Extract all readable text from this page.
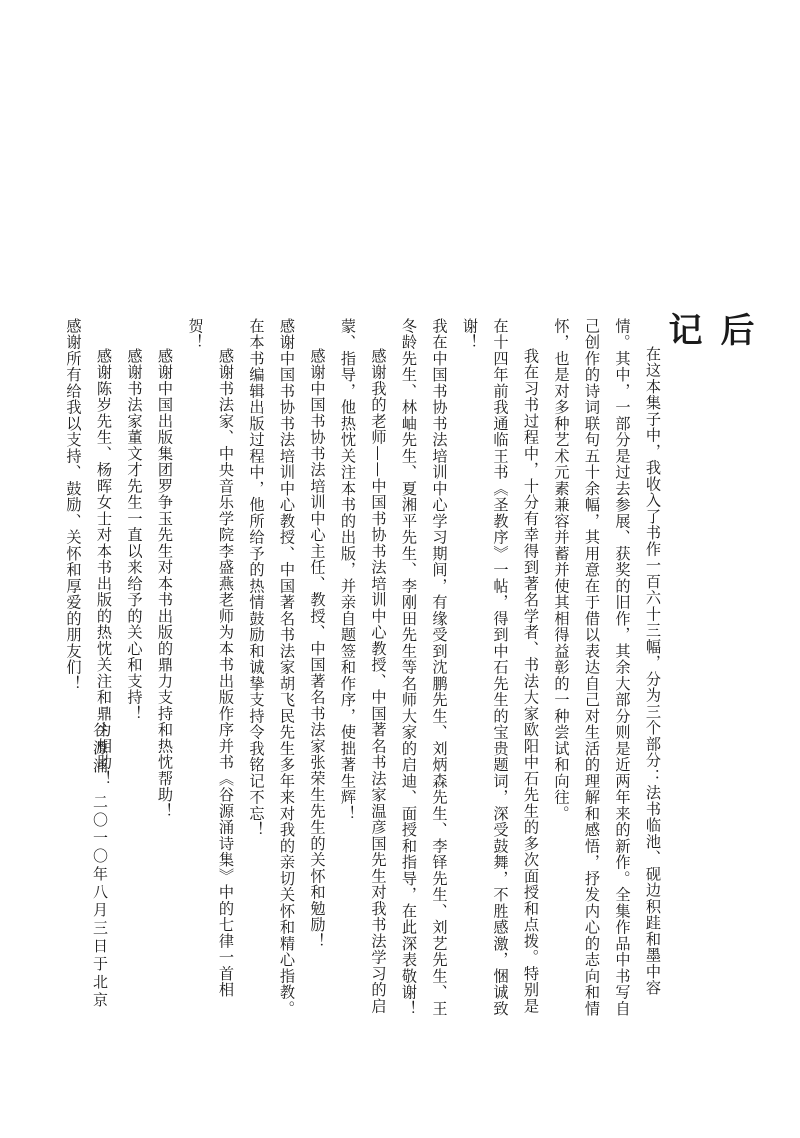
后　记

在这本集子中，我收入了书作一百六十三幅，分为三个部分：法书临池、砚边积跬和墨中容情。其中，一部分是过去参展、获奖的旧作，其余大部分则是近两年来的新作。全集作品中书写自己创作的诗词联句五十余幅，其用意在于借以表达自己对生活的理解和感悟，抒发内心的志向和情怀，也是对多种艺术元素兼容并蓄并使其相得益彰的一种尝试和向往。

我在习书过程中，十分有幸得到著名学者、书法大家欧阳中石先生的多次面授和点拨。特别是在十四年前我通临王书《圣教序》一帖，得到中石先生的宝贵题词，深受鼓舞，不胜感激，悃诚致谢！

我在中国书协书法培训中心学习期间，有缘受到沈鹏先生、刘炳森先生、李铎先生、刘艺先生、王冬龄先生、林岫先生、夏湘平先生、李刚田先生等名师大家的启迪、面授和指导，在此深表敬谢！

感谢我的老师——中国书协书法培训中心教授、中国著名书法家温彦国先生对我书法学习的启蒙、指导，他热忱关注本书的出版，并亲自题签和作序，使拙著生辉！

感谢中国书协书法培训中心主任、教授、中国著名书法家张荣生先生的关怀和勉励！

感谢中国书协书法培训中心教授、中国著名书法家胡飞民先生多年来对我的亲切关怀和精心指教。在本书编辑出版过程中，他所给予的热情鼓励和诚挚支持令我铭记不忘！

感谢书法家、中央音乐学院李盛燕老师为本书出版作序并书《谷源涌诗集》中的七律一首相贺！

感谢中国出版集团罗争玉先生对本书出版的鼎力支持和热忱帮助！

感谢书法家董文才先生一直以来给予的关心和支持！

感谢陈岁先生、杨晖女士对本书出版的热忱关注和鼎力相助！

感谢所有给我以支持、鼓励、关怀和厚爱的朋友们！

谷源涌　二〇一〇年八月三日于北京
